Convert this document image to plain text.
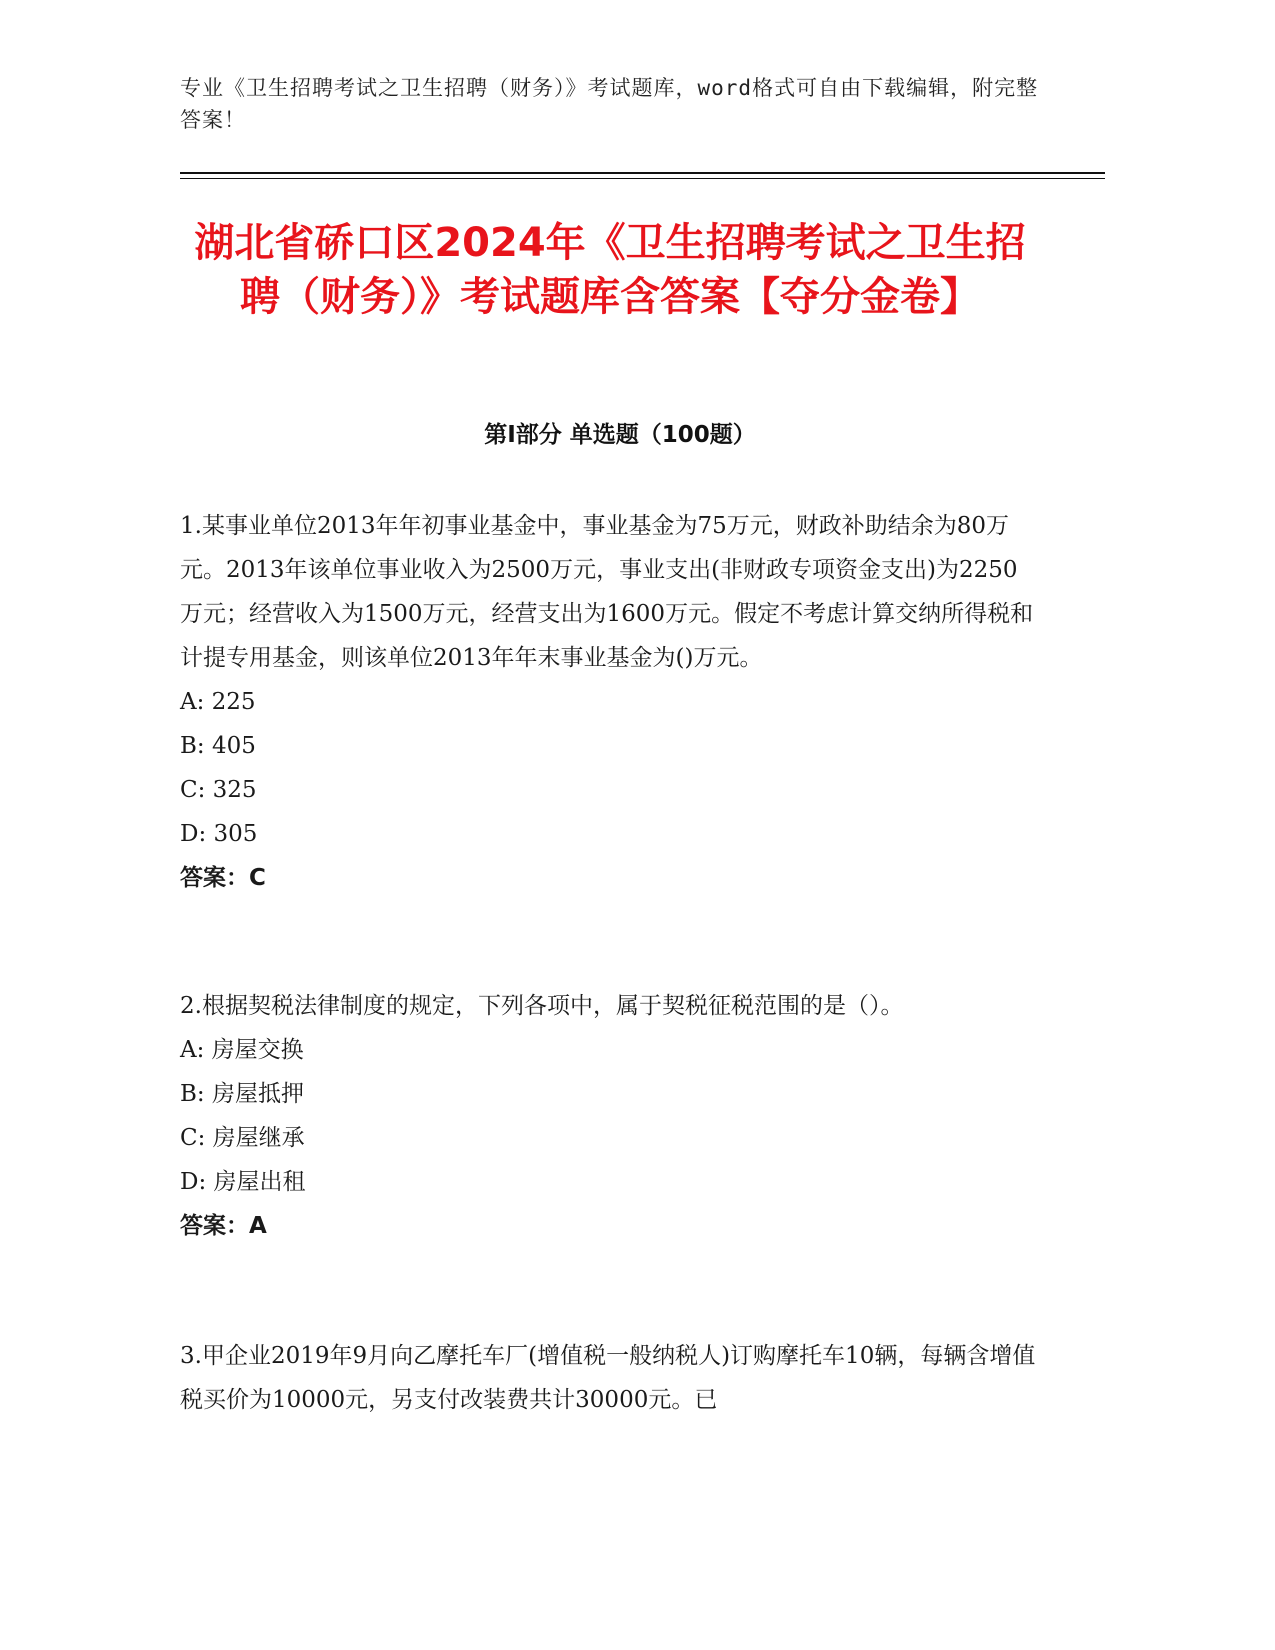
专业《卫生招聘考试之卫生招聘（财务）》考试题库，word格式可自由下载编辑，附完整答案！
湖北省硚口区2024年《卫生招聘考试之卫生招聘（财务）》考试题库含答案【夺分金卷】
第Ⅰ部分 单选题（100题）

1.某事业单位2013年年初事业基金中，事业基金为75万元，财政补助结余为80万元。2013年该单位事业收入为2500万元，事业支出(非财政专项资金支出)为2250万元；经营收入为1500万元，经营支出为1600万元。假定不考虑计算交纳所得税和计提专用基金，则该单位2013年年末事业基金为()万元。

A: 225
B: 405
C: 325
D: 305

答案：C

2.根据契税法律制度的规定，下列各项中，属于契税征税范围的是（）。

A: 房屋交换
B: 房屋抵押
C: 房屋继承
D: 房屋出租

答案：A

3.甲企业2019年9月向乙摩托车厂(增值税一般纳税人)订购摩托车10辆，每辆含增值税买价为10000元，另支付改装费共计30000元。已
